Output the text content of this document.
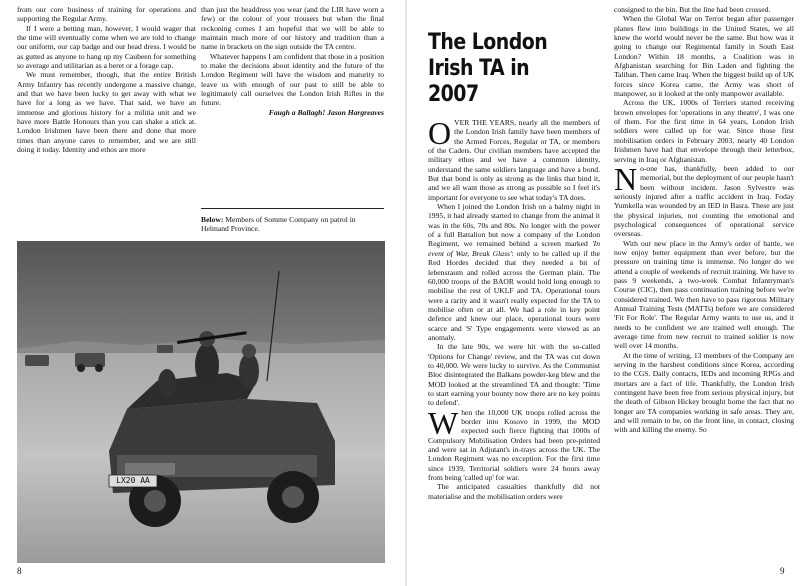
from our core business of training for operations and supporting the Regular Army.

If I were a betting man, however, I would wager that the time will eventually come when we are told to change our uniform, our cap badge and our head dress. I would be as gutted as anyone to hang up my Caubeen for something so average and utilitarian as a beret or a forage cap.

We must remember, though, that the entire British Army Infantry has recently undergone a massive change, and that we have been lucky to get away with what we have for a long as we have. That said, we have an immense and glorious history for a militia unit and we have more Battle Honours than you can shake a stick at. London Irishmen have been there and done that more times than anyone cares to remember, and we are still doing it today. Identity and ethos are more

than just the headdress you wear (and the LIR have worn a few) or the colour of your trousers but when the final reckoning comes I am hopeful that we will be able to maintain much more of our history and tradition than a name in brackets on the sign outside the TA centre.

Whatever happens I am confident that those in a position to make the decisions about identity and the future of the London Regiment will have the wisdom and maturity to leave us with enough of our past to still be able to legitimately call ourselves the London Irish Rifles in the future.

Faugh a Ballagh! Jason Hargreaves

Below: Members of Somme Company on patrol in Helmand Province.
LX20 AA
8
The London Irish TA in 2007

OVER THE YEARS, nearly all the members of the London Irish family have been members of the Armed Forces, Regular or TA, or members of the Cadets. Our civilian members have accepted the military ethos and we have a common identity, understand the same soldiers language and have a bond. But that bond is only as strong as the links that bind it, and we all want those as strong as possible so I feel it's important for everyone to see what today's TA does.

When I joined the London Irish on a balmy night in 1995, it had already started to change from the animal it was in the 60s, 70s and 80s. No longer with the power of a full Battalion but now a company of the London Regiment, we remained behind a screen marked 'In event of War, Break Glass': only to be called up if the Red Hordes decided that they needed a bit of lebensraum and rolled across the German plain. The 60,000 troops of the BAOR would hold long enough to mobilise the rest of UKLF and TA. Operational tours were a rarity and it wasn't really expected for the TA to mobilise often or at all. We had a role in key point defence and knew our place, operational tours were scarce and 'S' Type engagements were viewed as an anomaly.

In the late 90s, we were hit with the so-called 'Options for Change' review, and the TA was cut down to 40,000. We were lucky to survive. As the Communist Bloc disintegrated the Balkans powder-keg blew and the MOD looked at the streamlined TA and thought: 'Time to start earning your bounty now there are no key points to defend'.

When the 10,000 UK troops rolled across the border into Kosovo in 1999, the MOD expected such fierce fighting that 1000s of Compulsory Mobilisation Orders had been pre-printed and were sat in Adjutant's in-trays across the UK. The London Regiment was no exception. For the first time since 1939, Territorial soldiers were 24 hours away from being 'called up' for war.

The anticipated casualties thankfully did not materialise and the mobilisation orders were

consigned to the bin. But the line had been crossed.

When the Global War on Terror began after passenger planes flew into buildings in the United States, we all knew the world would never be the same. But how was it going to change our Regimental family in South East London? Within 18 months, a Coalition was in Afghanistan searching for Bin Laden and fighting the Taliban. Then came Iraq. When the biggest build up of UK forces since Korea came, the Army was short of manpower, so it looked at the only manpower available.

Across the UK, 1000s of Terriers started receiving brown envelopes for 'operations in any theatre', I was one of them. For the first time in 64 years, London Irish soldiers were called up for war. Since those first mobilisation orders in February 2003, nearly 40 London Irishmen have had that envelope through their letterbox, serving in Iraq or Afghanistan.

No-one has, thankfully, been added to our memorial, but the deployment of our people hasn't been without incident. Jason Sylvestre was seriously injured after a traffic accident in Iraq. Foday Yumkella was wounded by an IED in Basra. These are just the physical injuries, not counting the emotional and psychological consequences of operational service overseas.

With our new place in the Army's order of battle, we now enjoy better equipment than ever before, but the pressure on training time is immense. No longer do we attend a couple of weekends of recruit training. We have to pass 9 weekends, a two-week Combat Infantryman's Course (CIC), then pass continuation training before we're considered trained. We then have to pass rigorous Military Annual Training Tests (MATTs) before we are considered 'Fit For Role'. The Regular Army wants to use us, and it needs to be confident we are trained well enough. The average time from new recruit to trained soldier is now well over 14 months.

At the time of writing, 13 members of the Company are serving in the harshest conditions since Korea, according to the CGS. Daily contacts, IEDs and incoming RPGs and mortars are a fact of life. Thankfully, the London Irish contingent have been free from serious physical injury, but the death of Gibson Hickey brought home the fact that no longer are TA companies working in safe areas. They are, and will remain to be, on the front line, in contact, closing with and killing the enemy. So

9
